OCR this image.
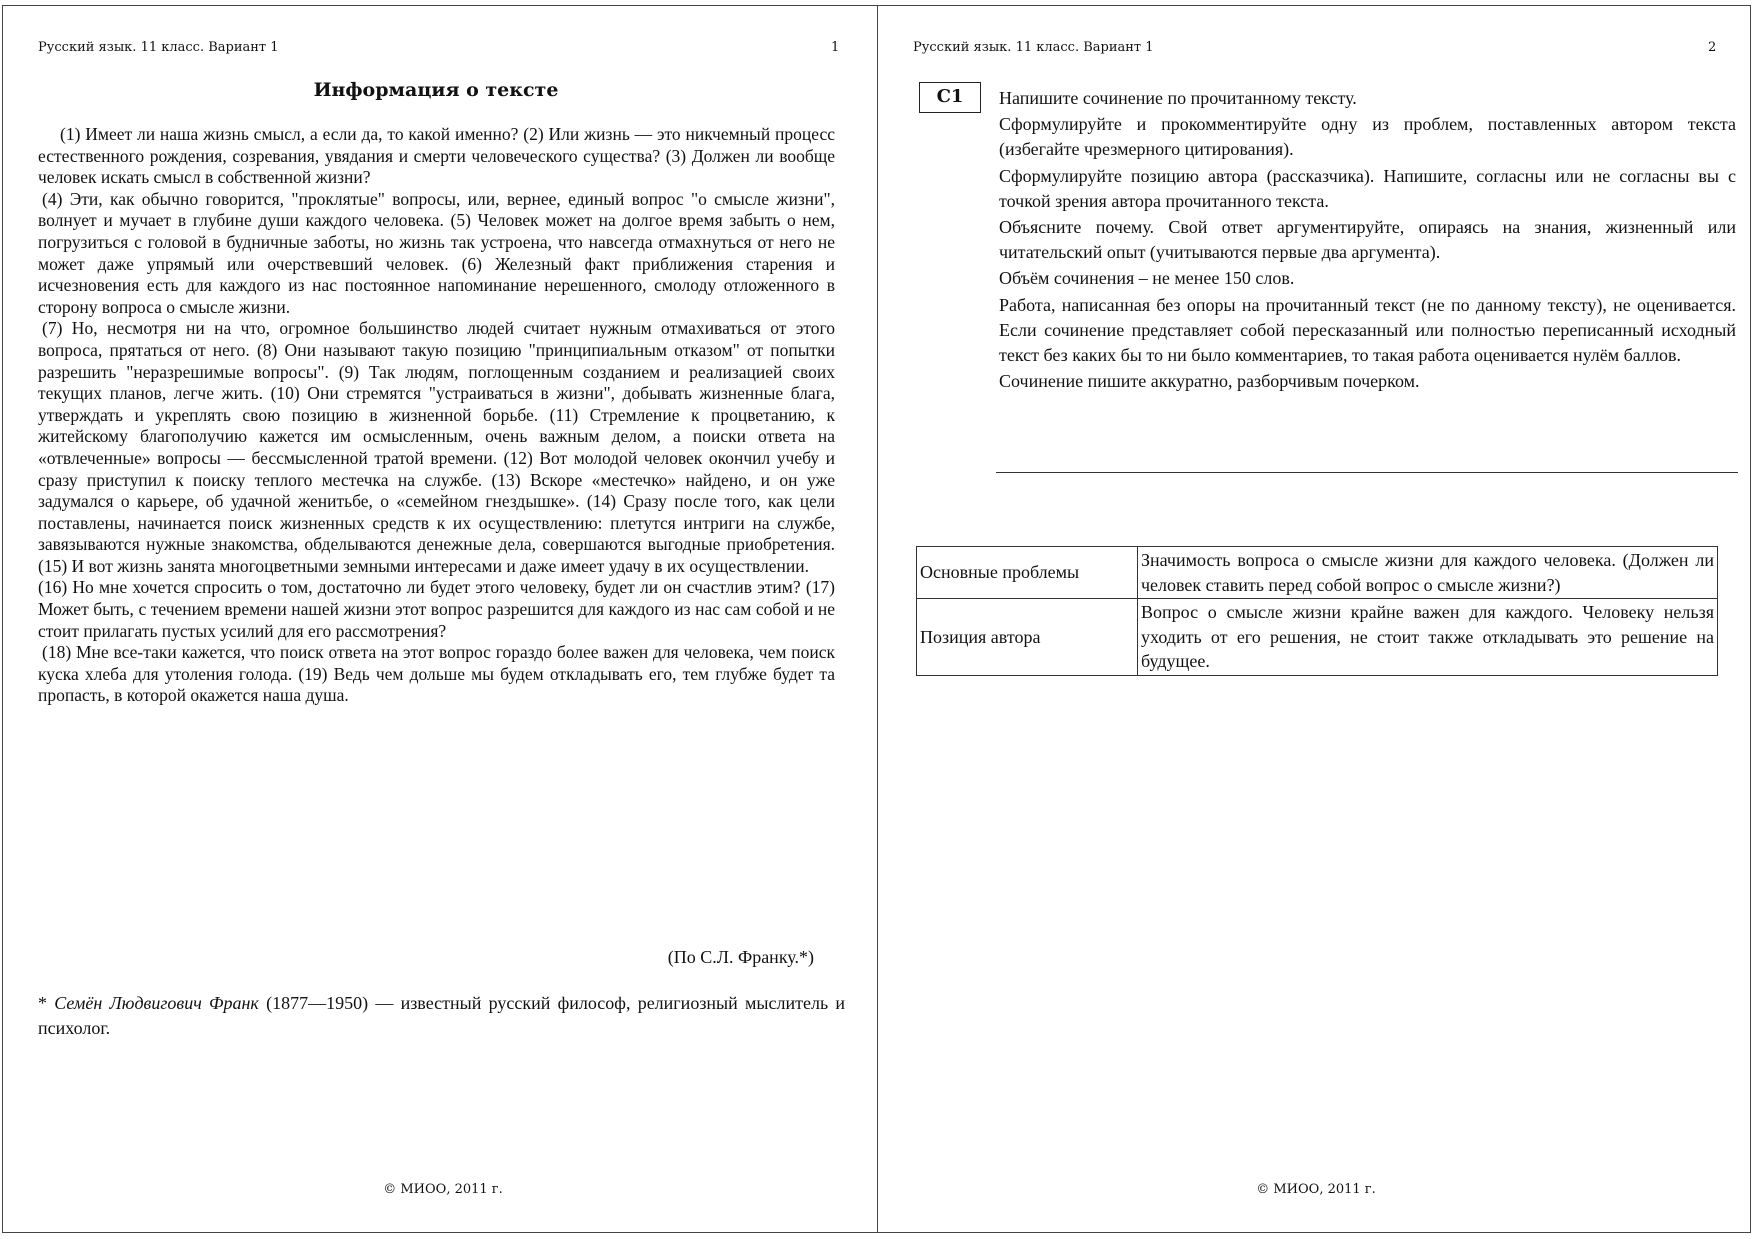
Русский язык. 11 класс. Вариант 1	1
Информация о тексте

(1) Имеет ли наша жизнь смысл, а если да, то какой именно? (2) Или жизнь — это никчемный процесс естественного рождения, созревания, увядания и смерти человеческого существа? (3) Должен ли вообще человек искать смысл в собственной жизни?

(4) Эти, как обычно говорится, "проклятые" вопросы, или, вернее, единый вопрос "о смысле жизни", волнует и мучает в глубине души каждого человека. (5) Человек может на долгое время забыть о нем, погрузиться с головой в будничные заботы, но жизнь так устроена, что навсегда отмахнуться от него не может даже упрямый или очерствевший человек. (6) Железный факт приближения старения и исчезновения есть для каждого из нас постоянное напоминание нерешенного, смолоду отложенного в сторону вопроса о смысле жизни.

(7) Но, несмотря ни на что, огромное большинство людей считает нужным отмахиваться от этого вопроса, прятаться от него. (8) Они называют такую позицию "принципиальным отказом" от попытки разрешить "неразрешимые вопросы". (9) Так людям, поглощенным созданием и реализацией своих текущих планов, легче жить. (10) Они стремятся "устраиваться в жизни", добывать жизненные блага, утверждать и укреплять свою позицию в жизненной борьбе. (11) Стремление к процветанию, к житейскому благополучию кажется им осмысленным, очень важным делом, а поиски ответа на «отвлеченные» вопросы — бессмысленной тратой времени. (12) Вот молодой человек окончил учебу и сразу приступил к поиску теплого местечка на службе. (13) Вскоре «местечко» найдено, и он уже задумался о карьере, об удачной женитьбе, о «семейном гнездышке». (14) Сразу после того, как цели поставлены, начинается поиск жизненных средств к их осуществлению: плетутся интриги на службе, завязываются нужные знакомства, обделываются денежные дела, совершаются выгодные приобретения. (15) И вот жизнь занята многоцветными земными интересами и даже имеет удачу в их осуществлении.

(16) Но мне хочется спросить о том, достаточно ли будет этого человеку, будет ли он счастлив этим? (17) Может быть, с течением времени нашей жизни этот вопрос разрешится для каждого из нас сам собой и не стоит прилагать пустых усилий для его рассмотрения?

(18) Мне все-таки кажется, что поиск ответа на этот вопрос гораздо более важен для человека, чем поиск куска хлеба для утоления голода. (19) Ведь чем дольше мы будем откладывать его, тем глубже будет та пропасть, в которой окажется наша душа.

(По С.Л. Франку.*)
* Семён Людвигович Франк (1877—1950) — известный русский философ, религиозный мыслитель и психолог.
© МИОО, 2011 г.
Русский язык. 11 класс. Вариант 1	2
С1	Напишите сочинение по прочитанному тексту.

Сформулируйте и прокомментируйте одну из проблем, поставленных автором текста (избегайте чрезмерного цитирования).

Сформулируйте позицию автора (рассказчика). Напишите, согласны или не согласны вы с точкой зрения автора прочитанного текста.

Объясните почему. Свой ответ аргументируйте, опираясь на знания, жизненный или читательский опыт (учитываются первые два аргумента).

Объём сочинения – не менее 150 слов.

Работа, написанная без опоры на прочитанный текст (не по данному тексту), не оценивается. Если сочинение представляет собой пересказанный или полностью переписанный исходный текст без каких бы то ни было комментариев, то такая работа оценивается нулём баллов.

Сочинение пишите аккуратно, разборчивым почерком.

Основные проблемы	Значимость вопроса о смысле жизни для каждого человека. (Должен ли человек ставить перед собой вопрос о смысле жизни?)
Позиция автора	Вопрос о смысле жизни крайне важен для каждого. Человеку нельзя уходить от его решения, не стоит также откладывать это решение на будущее.
© МИОО, 2011 г.
